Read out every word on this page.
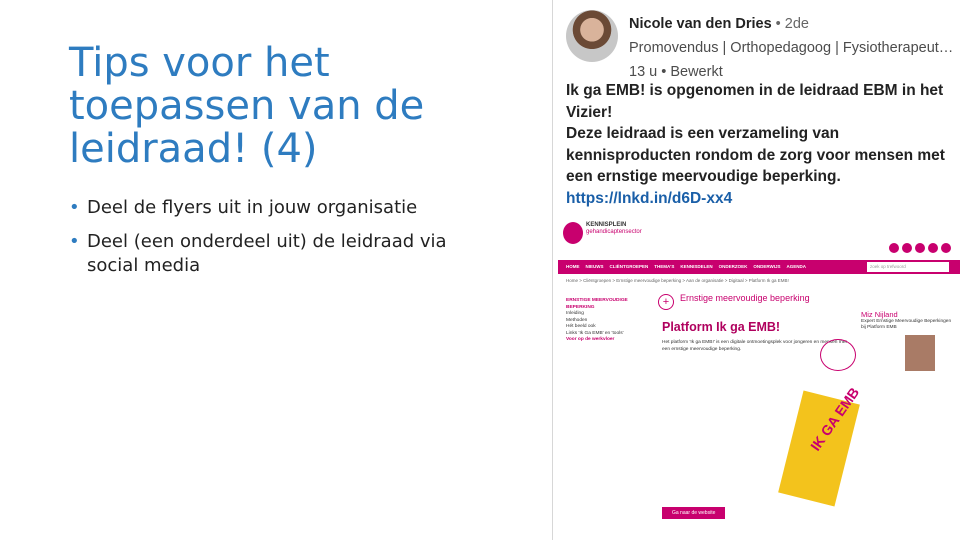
Tips voor het toepassen van de leidraad! (4)
• Deel de flyers uit in jouw organisatie
• Deel (een onderdeel uit) de leidraad via social media
Nicole van den Dries • 2de
Promovendus | Orthopedagoog | Fysiotherapeut…
13 u • Bewerkt
Ik ga EMB! is opgenomen in de leidraad EBM in het Vizier!
Deze leidraad is een verzameling van kennisproducten rondom de zorg voor mensen met een ernstige meervoudige beperking.
https://lnkd.in/d6D-xx4
KENNISPLEIN
gehandicaptensector
HOME NIEUWS CLIËNTGROEPEN THEMA'S KENNISDELEN ONDERZOEK ONDERWIJS AGENDA	zoek op trefwoord
Home > Cliëntgroepen > Ernstige meervoudige beperking > Aan de organisatie > Digitaal > Platform Ik ga EMB!
ERNSTIGE MEERVOUDIGE BEPERKING
Inleiding
Methoden
Hét beeld ook
Links 'Ik Ga EMB' en 'tools'
Voor op de werkvloer
+	Ernstige meervoudige beperking
Platform Ik ga EMB!
Het platform 'Ik ga EMB!' is een digitale ontmoetingsplek voor jongeren en mensen met een ernstige meervoudige beperking.
IK GA EMB
Ga naar de website
Miz Nijland
Expert Ernstige Meervoudige Beperkingen bij Platform EMB
